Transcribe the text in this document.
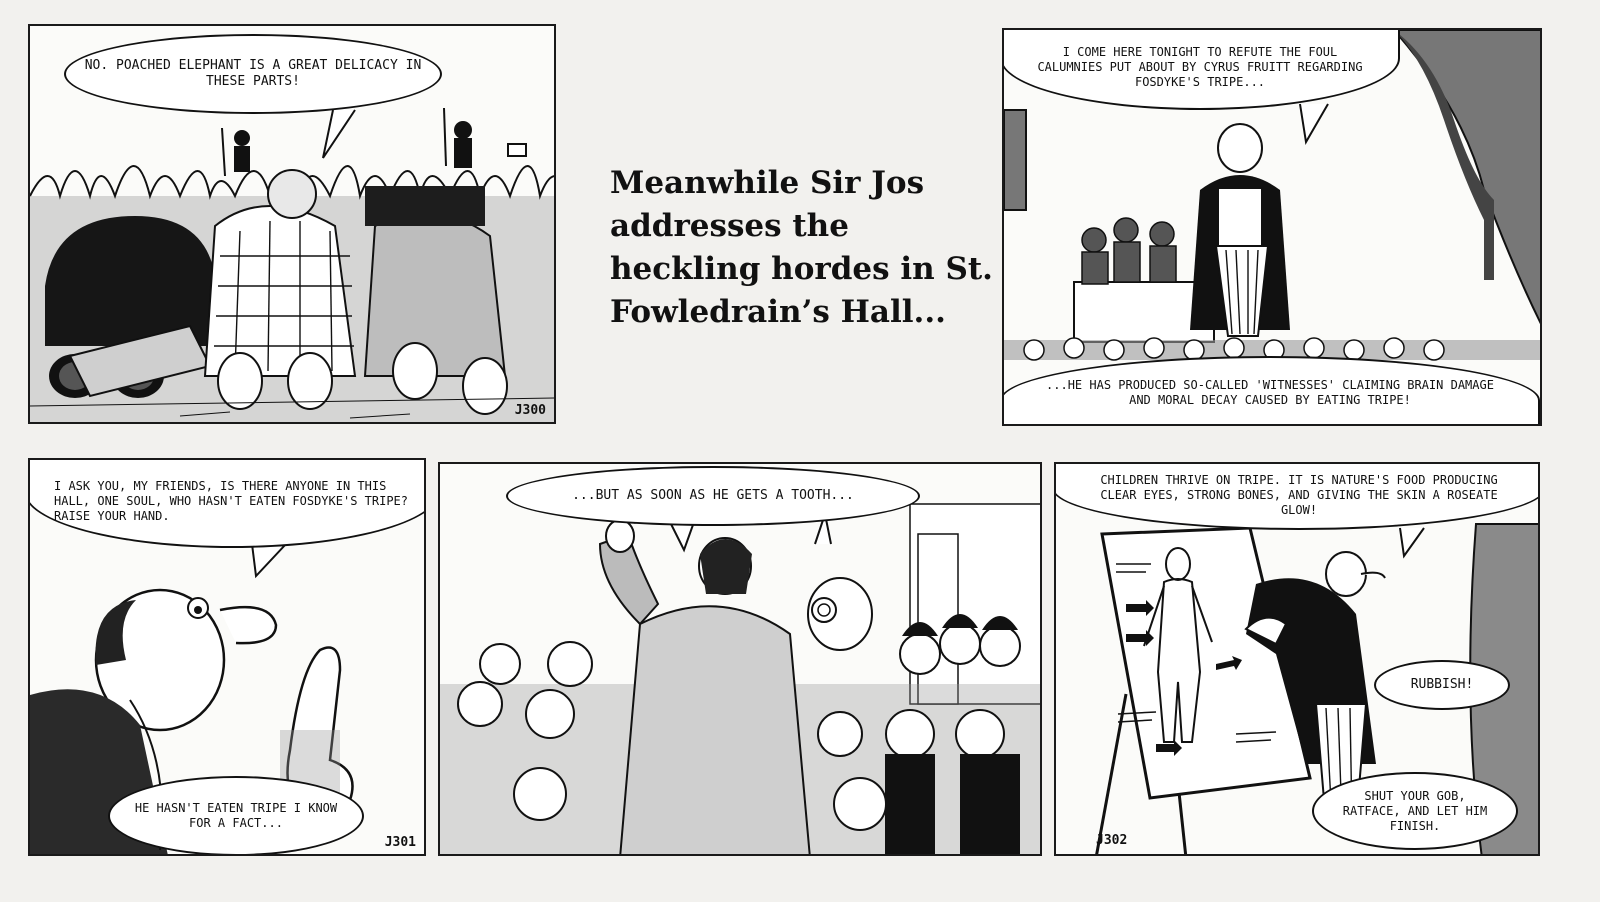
Meanwhile Sir Jos
addresses the
heckling hordes in St.
Fowledrain’s Hall...
NO. POACHED ELEPHANT IS A GREAT DELICACY IN THESE PARTS!
J300
I COME HERE TONIGHT TO REFUTE THE FOUL CALUMNIES PUT ABOUT BY CYRUS FRUITT REGARDING FOSDYKE'S TRIPE...
...HE HAS PRODUCED SO-CALLED 'WITNESSES' CLAIMING BRAIN DAMAGE AND MORAL DECAY CAUSED BY EATING TRIPE!
I ASK YOU, MY FRIENDS, IS THERE ANYONE IN THIS HALL, ONE SOUL, WHO HASN'T EATEN FOSDYKE'S TRIPE? RAISE YOUR HAND.
HE HASN'T EATEN TRIPE I KNOW FOR A FACT...
J301
...BUT AS SOON AS HE GETS A TOOTH...
CHILDREN THRIVE ON TRIPE. IT IS NATURE'S FOOD PRODUCING CLEAR EYES, STRONG BONES, AND GIVING THE SKIN A ROSEATE GLOW!
RUBBISH!
SHUT YOUR GOB, RATFACE, AND LET HIM FINISH.
J302
